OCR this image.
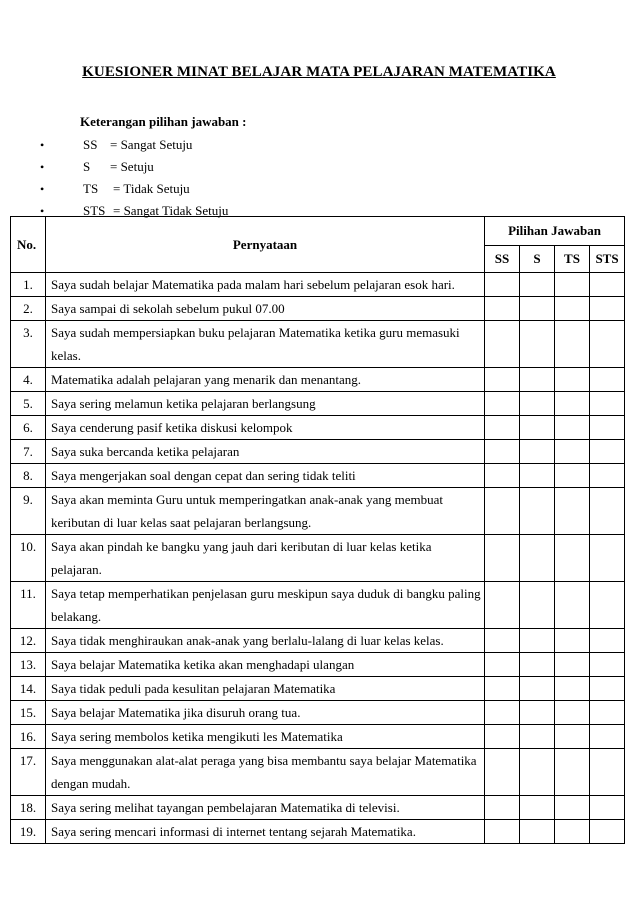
KUESIONER MINAT BELAJAR MATA PELAJARAN MATEMATIKA
Keterangan pilihan jawaban :
•	SS = Sangat Setuju
•	S = Setuju
•	TS = Tidak Setuju
•	STS = Sangat Tidak Setuju
No.	Pernyataan	Pilihan Jawaban			
		SS	S	TS	STS
1.	Saya sudah belajar Matematika pada malam hari sebelum pelajaran esok hari.				

2.	Saya sampai di sekolah sebelum pukul 07.00				

3.	Saya sudah mempersiapkan buku pelajaran Matematika ketika guru memasuki
kelas.				

4.	Matematika adalah pelajaran yang menarik dan menantang.				

5.	Saya sering melamun ketika pelajaran berlangsung				

6.	Saya cenderung pasif ketika diskusi kelompok				

7.	Saya suka bercanda ketika pelajaran				

8.	Saya mengerjakan soal dengan cepat dan sering tidak teliti				

9.	Saya akan meminta Guru untuk memperingatkan anak-anak yang membuat
keributan di luar kelas saat pelajaran berlangsung.				

10.	Saya akan pindah ke bangku yang jauh dari keributan di luar kelas ketika
pelajaran.				

11.	Saya tetap memperhatikan penjelasan guru meskipun saya duduk di bangku paling
belakang.				

12.	Saya tidak menghiraukan anak-anak yang berlalu-lalang di luar kelas kelas.				

13.	Saya belajar Matematika ketika akan menghadapi ulangan				

14.	Saya tidak peduli pada kesulitan pelajaran Matematika				

15.	Saya belajar Matematika jika disuruh orang tua.				

16.	Saya sering membolos ketika mengikuti les Matematika				

17.	Saya menggunakan alat-alat peraga yang bisa membantu saya belajar Matematika
dengan mudah.				

18.	Saya sering melihat tayangan pembelajaran Matematika di televisi.				

19.	Saya sering mencari informasi di internet tentang sejarah Matematika.				
